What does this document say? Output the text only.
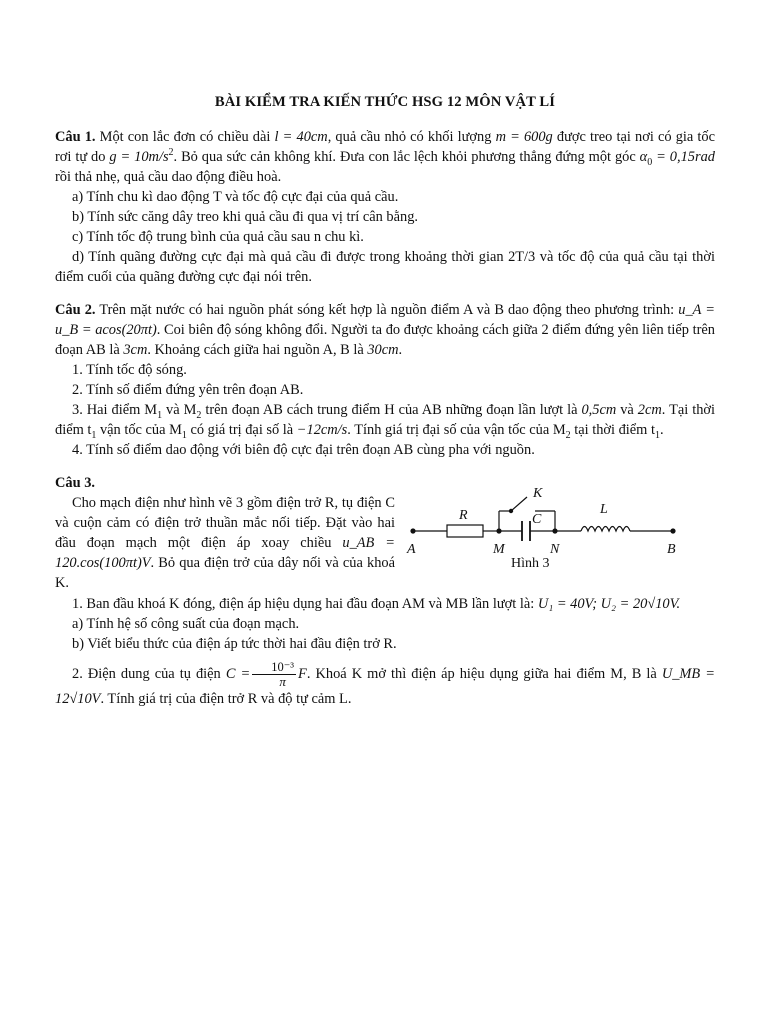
BÀI KIỂM TRA KIẾN THỨC HSG 12 MÔN VẬT LÍ

Câu 1. Một con lắc đơn có chiều dài l = 40cm, quả cầu nhỏ có khối lượng m = 600g được treo tại nơi có gia tốc rơi tự do $g = 10m/s^2$. Bỏ qua sức cản không khí. Đưa con lắc lệch khỏi phương thẳng đứng một góc $\alpha_0 = 0,15rad$ rồi thả nhẹ, quả cầu dao động điều hoà.

a) Tính chu kì dao động T và tốc độ cực đại của quả cầu.

b) Tính sức căng dây treo khi quả cầu đi qua vị trí cân bằng.

c) Tính tốc độ trung bình của quả cầu sau n chu kì.

d) Tính quãng đường cực đại mà quả cầu đi được trong khoảng thời gian 2T/3 và tốc độ của quả cầu tại thời điểm cuối của quãng đường cực đại nói trên.

Câu 2. Trên mặt nước có hai nguồn phát sóng kết hợp là nguồn điểm A và B dao động theo phương trình: u_A = u_B = acos(20πt). Coi biên độ sóng không đổi. Người ta đo được khoảng cách giữa 2 điểm đứng yên liên tiếp trên đoạn AB là 3cm. Khoảng cách giữa hai nguồn A, B là 30cm.

1. Tính tốc độ sóng.

2. Tính số điểm đứng yên trên đoạn AB.

3. Hai điểm $M_1$ và $M_2$ trên đoạn AB cách trung điểm H của AB những đoạn lần lượt là 0,5cm và 2cm. Tại thời điểm $t_1$ vận tốc của $M_1$ có giá trị đại số là −12cm/s. Tính giá trị đại số của vận tốc của $M_2$ tại thời điểm $t_1$.

4. Tính số điểm dao động với biên độ cực đại trên đoạn AB cùng pha với nguồn.

Câu 3.

Cho mạch điện như hình vẽ 3 gồm điện trở R, tụ điện C và cuộn cảm có điện trở thuần mắc nối tiếp. Đặt vào hai đầu đoạn mạch một điện áp xoay chiều u_AB = 120.cos(100πt)V. Bỏ qua điện trở của dây nối và của khoá K.

A
R
M
K
C
N
L
B
Hình 3

1. Ban đầu khoá K đóng, điện áp hiệu dụng hai đầu đoạn AM và MB lần lượt là: U₁ = 40V; U₂ = 20√10V.

a) Tính hệ số công suất của đoạn mạch.

b) Viết biểu thức của điện áp tức thời hai đầu điện trở R.

2. Điện dung của tụ điện $C = \frac{\text{10⁻³}}{\pi} F$. Khoá K mở thì điện áp hiệu dụng giữa hai điểm M, B là U_MB = 12√10V. Tính giá trị của điện trở R và độ tự cảm L.
